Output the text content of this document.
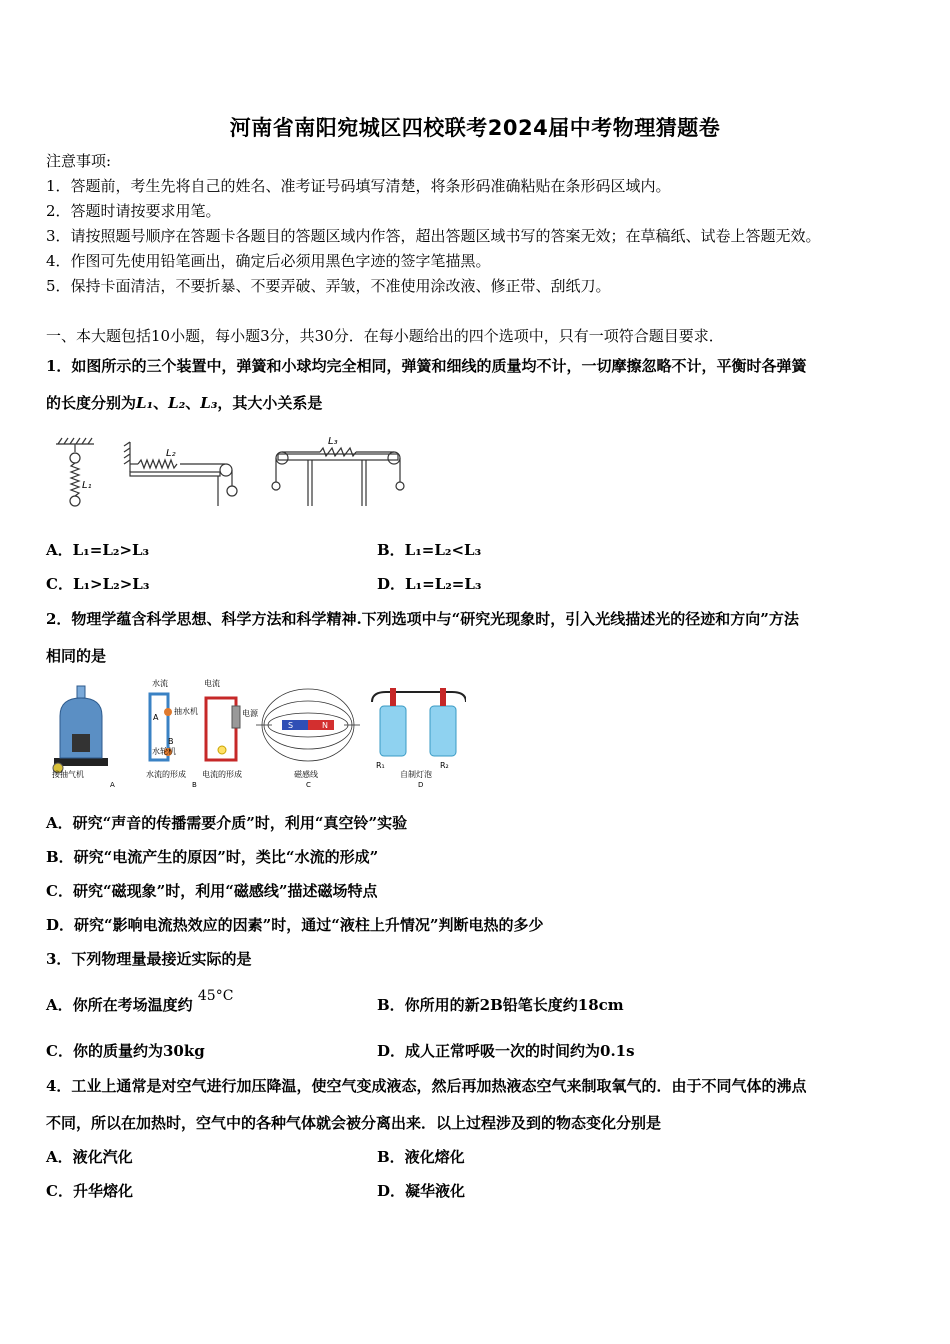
河南省南阳宛城区四校联考2024届中考物理猜题卷
注意事项:
1．答题前，考生先将自己的姓名、准考证号码填写清楚，将条形码准确粘贴在条形码区域内。
2．答题时请按要求用笔。
3．请按照题号顺序在答题卡各题目的答题区域内作答，超出答题区域书写的答案无效；在草稿纸、试卷上答题无效。
4．作图可先使用铅笔画出，确定后必须用黑色字迹的签字笔描黑。
5．保持卡面清洁，不要折暴、不要弄破、弄皱，不准使用涂改液、修正带、刮纸刀。
一、本大题包括10小题，每小题3分，共30分．在每小题给出的四个选项中，只有一项符合题目要求．
1．如图所示的三个装置中，弹簧和小球均完全相同，弹簧和细线的质量均不计，一切摩擦忽略不计，平衡时各弹簧
的长度分别为L₁、L₂、L₃，其大小关系是
L₁
L₂
L₃
A．L₁=L₂>L₃	B．L₁=L₂<L₃
C．L₁>L₂>L₃	D．L₁=L₂=L₃
2．物理学蕴含科学思想、科学方法和科学精神.下列选项中与“研究光现象时，引入光线描述光的径迹和方向”方法
相同的是
接抽气机
A
水流	电流
A
抽水机
B
水轮机
电源
水流的形成 电流的形成
B
S	N
磁感线
C
R₁	R₂
自制灯泡
D
A．研究“声音的传播需要介质”时，利用“真空铃”实验
B．研究“电流产生的原因”时，类比“水流的形成”
C．研究“磁现象”时，利用“磁感线”描述磁场特点
D．研究“影响电流热效应的因素”时，通过“液柱上升情况”判断电热的多少
3．下列物理量最接近实际的是
A．你所在考场温度约 45°C	B．你所用的新2B铅笔长度约18cm
C．你的质量约为30kg	D．成人正常呼吸一次的时间约为0.1s
4．工业上通常是对空气进行加压降温，使空气变成液态，然后再加热液态空气来制取氧气的．由于不同气体的沸点
不同，所以在加热时，空气中的各种气体就会被分离出来．以上过程涉及到的物态变化分别是
A．液化汽化	B．液化熔化
C．升华熔化	D．凝华液化
